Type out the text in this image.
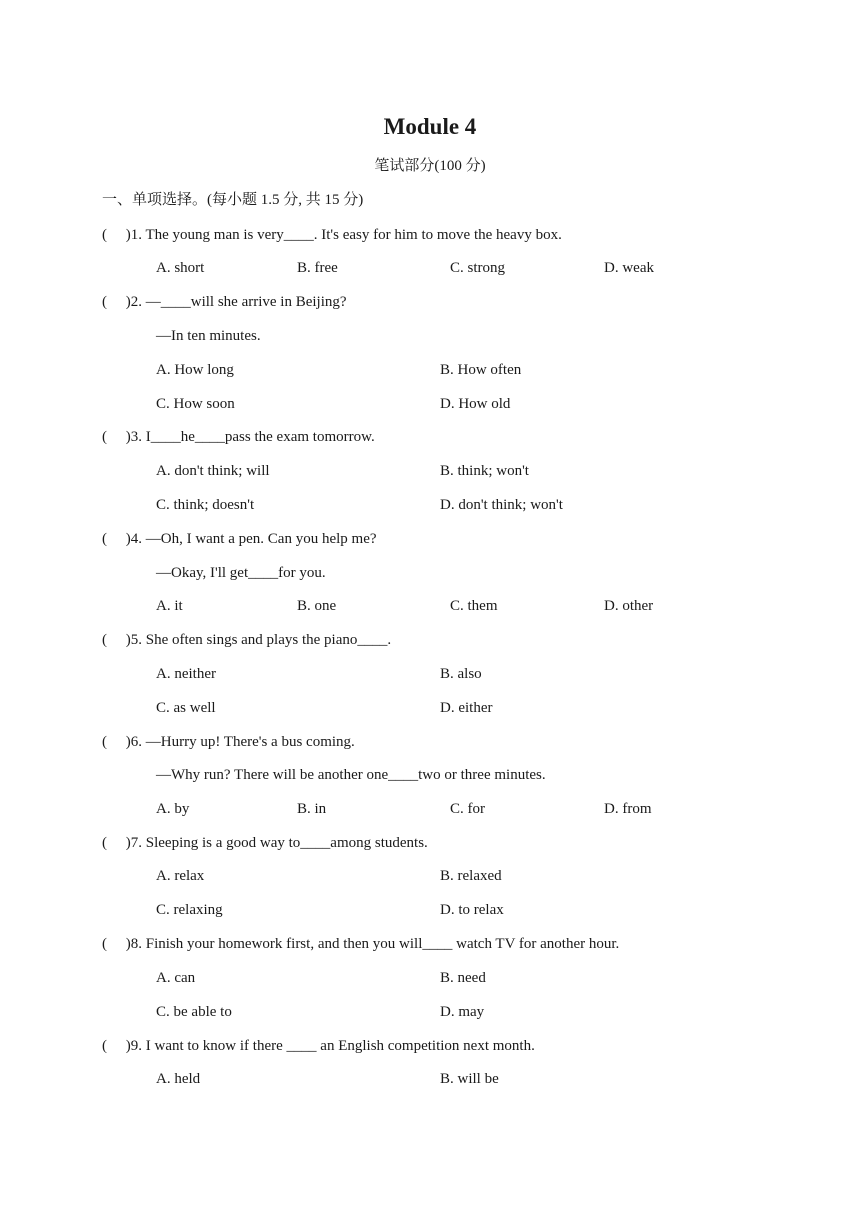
Module 4
笔试部分(100 分)
一、单项选择。(每小题 1.5 分, 共 15 分)
(     )1. The young man is very____. It's easy for him to move the heavy box.
A. short	B. free	C. strong	D. weak
(     )2. —____will she arrive in Beijing?
—In ten minutes.
A. How long	B. How often
C. How soon	D. How old
(     )3. I____he____pass the exam tomorrow.
A. don't think; will	B. think; won't
C. think; doesn't	D. don't think; won't
(     )4. —Oh, I want a pen. Can you help me?
—Okay, I'll get____for you.
A. it	B. one	C. them	D. other
(     )5. She often sings and plays the piano____.
A. neither	B. also
C. as well	D. either
(     )6. —Hurry up! There's a bus coming.
—Why run? There will be another one____two or three minutes.
A. by	B. in	C. for	D. from
(     )7. Sleeping is a good way to____among students.
A. relax	B. relaxed
C. relaxing	D. to relax
(     )8. Finish your homework first, and then you will____ watch TV for another hour.
A. can	B. need
C. be able to	D. may
(     )9. I want to know if there ____ an English competition next month.
A. held	B. will be
